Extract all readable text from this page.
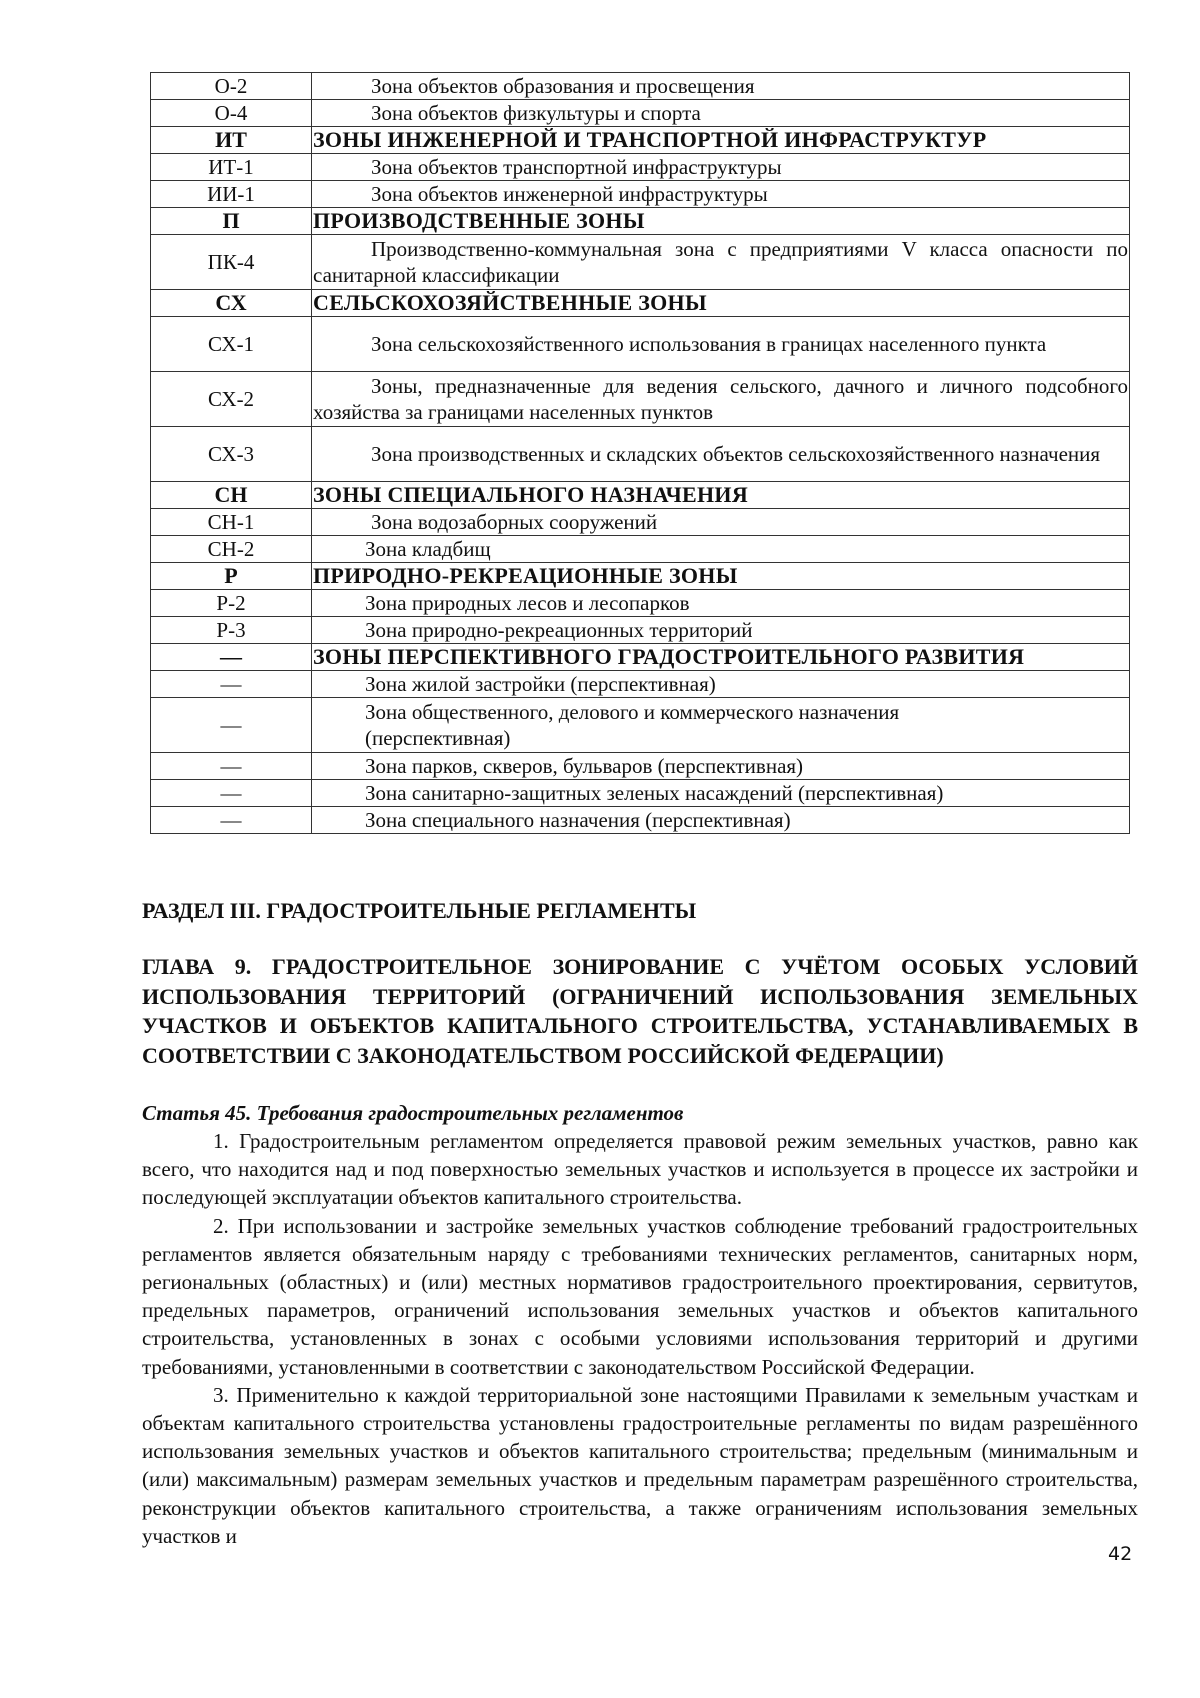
О-2	Зона объектов образования и просвещения

О-4	Зона объектов физкультуры и спорта

ИТ	ЗОНЫ ИНЖЕНЕРНОЙ И ТРАНСПОРТНОЙ ИНФРАСТРУКТУР
ИТ-1	Зона объектов транспортной инфраструктуры

ИИ-1	Зона объектов инженерной инфраструктуры

П	ПРОИЗВОДСТВЕННЫЕ ЗОНЫ
ПК-4	Производственно-коммунальная зона с предприятиями V класса опасности по санитарной классификации

СХ	СЕЛЬСКОХОЗЯЙСТВЕННЫЕ ЗОНЫ
СХ-1	Зона сельскохозяйственного использования в границах населенного пункта

СХ-2	Зоны, предназначенные для ведения сельского, дачного и личного подсобного хозяйства за границами населенных пунктов

СХ-3	Зона производственных и складских объектов сельскохозяйственного назначения

СН	ЗОНЫ СПЕЦИАЛЬНОГО НАЗНАЧЕНИЯ
СН-1	Зона водозаборных сооружений

СН-2	Зона кладбищ

Р	ПРИРОДНО-РЕКРЕАЦИОННЫЕ ЗОНЫ
Р-2	Зона природных лесов и лесопарков

Р-3	Зона природно-рекреационных территорий

—	ЗОНЫ ПЕРСПЕКТИВНОГО ГРАДОСТРОИТЕЛЬНОГО РАЗВИТИЯ
—	Зона жилой застройки (перспективная)

—	Зона общественного, делового и коммерческого назначения (перспективная)

—	Зона парков, скверов, бульваров (перспективная)

—	Зона санитарно-защитных зеленых насаждений (перспективная)

—	Зона специального назначения (перспективная)
РАЗДЕЛ III. ГРАДОСТРОИТЕЛЬНЫЕ РЕГЛАМЕНТЫ
ГЛАВА 9. ГРАДОСТРОИТЕЛЬНОЕ ЗОНИРОВАНИЕ С УЧЁТОМ ОСОБЫХ УСЛОВИЙ ИСПОЛЬЗОВАНИЯ ТЕРРИТОРИЙ (ОГРАНИЧЕНИЙ ИСПОЛЬЗОВАНИЯ ЗЕМЕЛЬНЫХ УЧАСТКОВ И ОБЪЕКТОВ КАПИТАЛЬНОГО СТРОИТЕЛЬСТВА, УСТАНАВЛИВАЕМЫХ В СООТВЕТСТВИИ С ЗАКОНОДАТЕЛЬСТВОМ РОССИЙСКОЙ ФЕДЕРАЦИИ)
Статья 45. Требования градостроительных регламентов

1. Градостроительным регламентом определяется правовой режим земельных участков, равно как всего, что находится над и под поверхностью земельных участков и используется в процессе их застройки и последующей эксплуатации объектов капитального строительства.

2. При использовании и застройке земельных участков соблюдение требований градостроительных регламентов является обязательным наряду с требованиями технических регламентов, санитарных норм, региональных (областных) и (или) местных нормативов градостроительного проектирования, сервитутов, предельных параметров, ограничений использования земельных участков и объектов капитального строительства, установленных в зонах с особыми условиями использования территорий и другими требованиями, установленными в соответствии с законодательством Российской Федерации.

3. Применительно к каждой территориальной зоне настоящими Правилами к земельным участкам и объектам капитального строительства установлены градостроительные регламенты по видам разрешённого использования земельных участков и объектов капитального строительства; предельным (минимальным и (или) максимальным) размерам земельных участков и предельным параметрам разрешённого строительства, реконструкции объектов капитального строительства, а также ограничениям использования земельных участков и

42
